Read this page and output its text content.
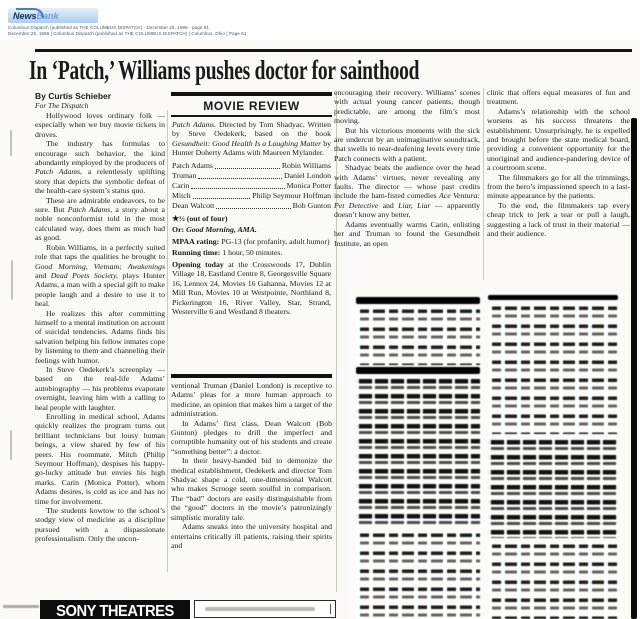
News Bank
Columbus Dispatch (published as THE COLUMBUS DISPATCH) - December 25, 1998 - page 61
December 25, 1998 | Columbus Dispatch (published as THE COLUMBUS DISPATCH) | Columbus, Ohio | Page 61
In ‘Patch,’ Williams pushes doctor for sainthood
By Curtis Schieber
For The Dispatch

Hollywood loves ordinary folk — especially when we buy movie tickets in droves.

The industry has formulas to encourage such behavior, the kind abundantly employed by the producers of Patch Adams, a relentlessly uplifting story that depicts the symbolic defeat of the health-care system’s status quo.

These are admirable endeavors, to be sure. But Patch Adams, a story about a noble nonconformist told in the most calculated way, does them as much bad as good.

Robin Williams, in a perfectly suited role that taps the qualities he brought to Good Morning, Vietnam; Awakenings and Dead Poets Society, plays Hunter Adams, a man with a special gift to make people laugh and a desire to use it to heal.

He realizes this after committing himself to a mental institution on account of suicidal tendencies. Adams finds his salvation helping his fellow inmates cope by listening to them and channeling their feelings with humor.

In Steve Oedekerk’s screenplay — based on the real-life Adams’ autobiography — his problems evaporate overnight, leaving him with a calling to heal people with laughter.

Enrolling in medical school, Adams quickly realizes the program turns out brilliant technicians but lousy human beings, a view shared by few of his peers. His roommate, Mitch (Philip Seymour Hoffman), despises his happy-go-lucky attitude but envies his high marks. Carin (Monica Potter), whom Adams desires, is cold as ice and has no time for involvement.

The students kowtow to the school’s stodgy view of medicine as a discipline pursued with a dispassionate professionalism. Only the uncon-

MOVIE REVIEW

Patch Adams. Directed by Tom Shadyac. Written by Steve Oedekerk, based on the book Gesundheit: Good Health Is a Laughing Matter by Hunter Doherty Adams with Maureen Mylander.

Patch Adams	Robin Williams
Truman	Daniel London
Carin	Monica Potter
Mitch	Philip Seymour Hoffman
Dean Walcott	Bob Gunton

★½ (out of four)

Or: Good Morning, AMA.

MPAA rating: PG-13 (for profanity, adult humor)

Running time: 1 hour, 50 minutes.

Opening today at the Crosswoods 17, Dublin Village 18, Eastland Centre 8, Georgesville Square 16, Lennox 24, Movies 16 Gahanna, Movies 12 at Mill Run, Movies 10 at Westpointe, Northland 8, Pickerington 16, River Valley, Star, Strand, Westerville 6 and Westland 8 theaters.

ventional Truman (Daniel London) is receptive to Adams’ pleas for a more human approach to medicine, an opinion that makes him a target of the administration.

In Adams’ first class, Dean Walcott (Bob Gunton) pledges to drill the imperfect and corruptible humanity out of his students and create “something better”: a doctor.

In their heavy-handed bid to demonize the medical establishment, Oedekerk and director Tom Shadyac shape a cold, one-dimensional Walcott who makes Scrooge seem soulful in comparison. The “bad” doctors are easily distinguishable from the “good” doctors in the movie’s patronizingly simplistic morality tale.

Adams sneaks into the university hospital and entertains critically ill patients, raising their spirits and

encouraging their recovery. Williams’ scenes with actual young cancer patients, though predictable, are among the film’s most moving.

But his victorious moments with the sick are undercut by an unimaginative soundtrack, that swells to near-deafening levels every time Patch connects with a patient.

Shadyac beats the audience over the head with Adams’ virtues, never revealing any faults. The director — whose past credits include the ham-fisted comedies Ace Ventura: Pet Detective and Liar, Liar — apparently doesn’t know any better.

Adams eventually warms Carin, enlisting her and Truman to found the Gesundheit Institute, an open

clinic that offers equal measures of fun and treatment.

Adams’s relationship with the school worsens as his success threatens the establishment. Unsurprisingly, he is expelled and brought before the state medical board, providing a convenient opportunity for the unoriginal and audience-pandering device of a courtroom scene.

The filmmakers go for all the trimmings, from the hero’s impassioned speech to a last-minute appearance by the patients.

To the end, the filmmakers tap every cheap trick to jerk a tear or pull a laugh, suggesting a lack of trust in their material — and their audience.

SONY THEATRES
